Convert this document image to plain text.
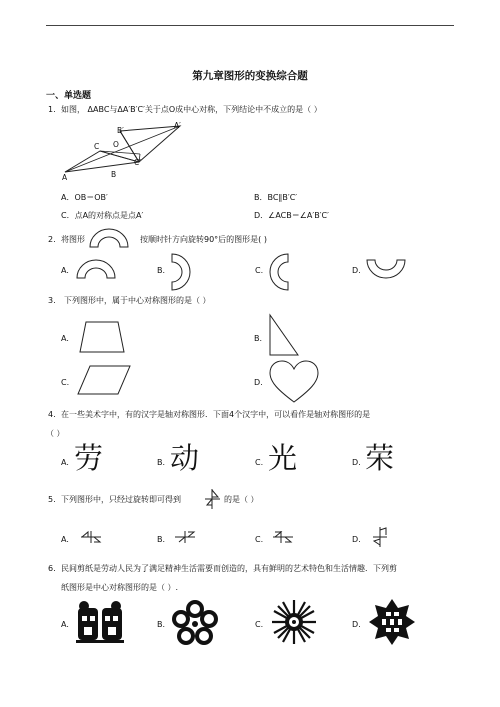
第九章图形的变换综合题
一、单选题
1. 如图， ΔABC与ΔA′B′C′关于点O成中心对称，下列结论中不成立的是（ ）
A	B
C O
A′
B′
C′
A．OB＝OB′	B．BC∥B′C′
C．点A的对称点是点A′	D．∠ACB＝∠A′B′C′
2. 将图形	按顺时针方向旋转90°后的图形是( )
A.	B.	C.	D.
3. 下列图形中，属于中心对称图形的是（ ）
A.	B.
C.	D.
4. 在一些美术字中，有的汉字是轴对称图形．下面4个汉字中，可以看作是轴对称图形的是
（ ）
A. 劳	B. 动	C. 光	D. 荣
5. 下列图形中，只经过旋转即可得到	的是（ ）
A.	B.	C.	D.
6. 民间剪纸是劳动人民为了满足精神生活需要而创造的，具有鲜明的艺术特色和生活情趣．下列剪
纸图形是中心对称图形的是（ ）.
A.	B.	C.	D.
